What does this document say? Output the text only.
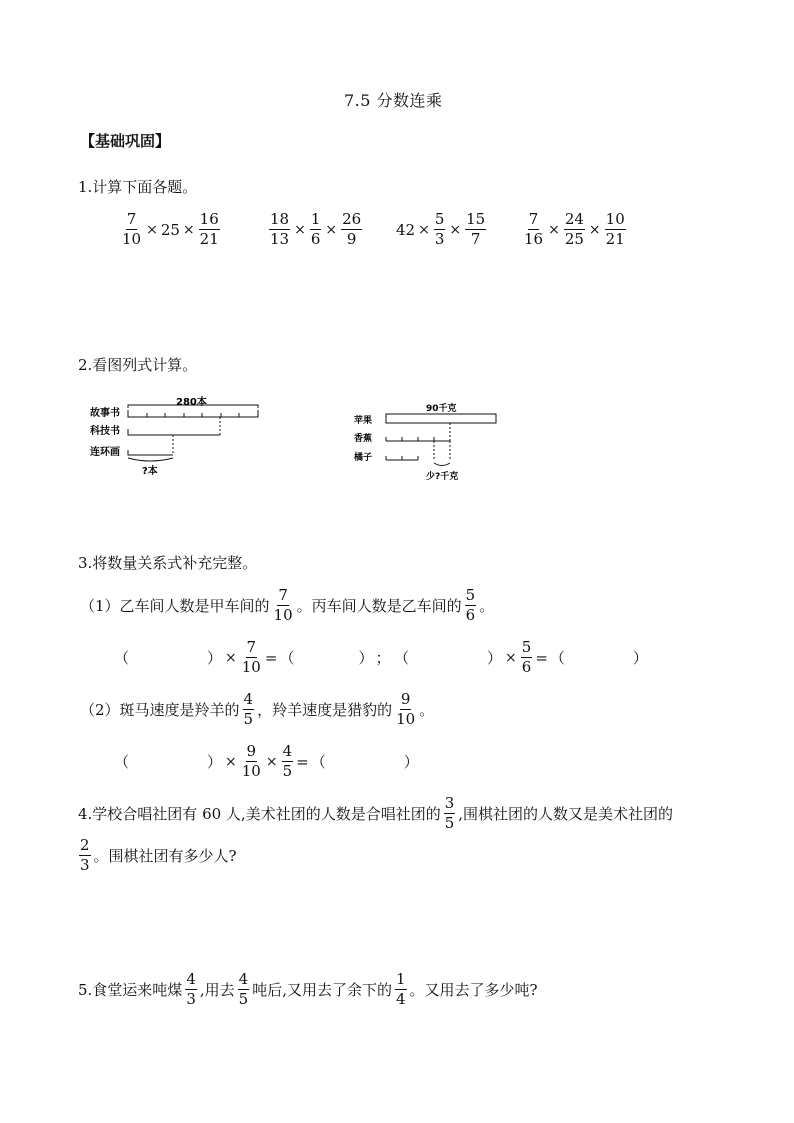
7.5 分数连乘
【基础巩固】
1.计算下面各题。
$\frac{7}{10} \times 25 \times \frac{16}{21}$	$\frac{18}{13} \times \frac{1}{6} \times \frac{26}{9} 42 \times \frac{5}{3} \times \frac{15}{7} \frac{7}{16} \times \frac{24}{25} \times \frac{10}{21}$
2.看图列式计算。
故事书
科技书
连环画
280本
?本
苹果
香蕉
橘子
90千克
少?千克
3.将数量关系式补充完整。
（1）乙车间人数是甲车间的 $\frac{7}{10}$ 。丙车间人数是乙车间的 $\frac{5}{6}$ 。
（	） × $\frac{7}{10}$ = （	） ； （	） × $\frac{5}{6}$ = （	）
（2）斑马速度是羚羊的 $\frac{4}{5}$ ，羚羊速度是猎豹的 $\frac{9}{10}$ 。
（	） × $\frac{9}{10} \times \frac{4}{5}$ = （	）
4.学校合唱社团有 60 人,美术社团的人数是合唱社团的 $\frac{3}{5}$ ,围棋社团的人数又是美术社团的
$\frac{2}{3}$ 。围棋社团有多少人?
5.食堂运来吨煤 $\frac{4}{3}$ ,用去 $\frac{4}{5}$ 吨后,又用去了余下的 $\frac{1}{4}$ 。又用去了多少吨?
